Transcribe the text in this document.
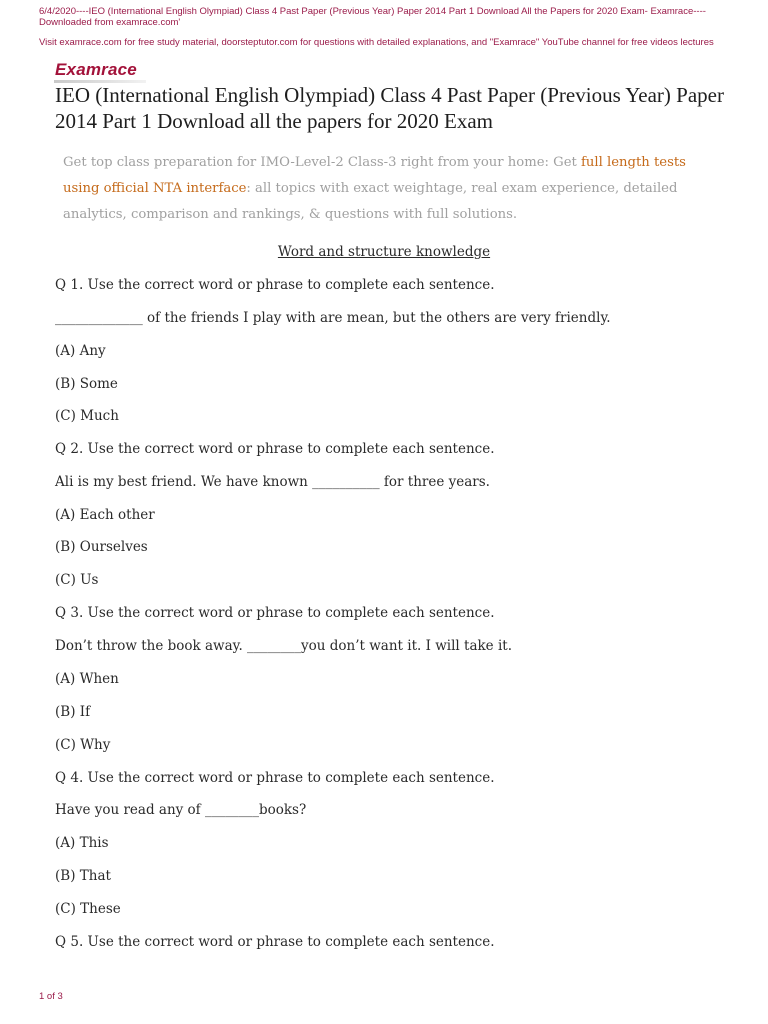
6/4/2020----IEO (International English Olympiad) Class 4 Past Paper (Previous Year) Paper 2014 Part 1 Download All the Papers for 2020 Exam- Examrace----Downloaded from examrace.com'
Visit examrace.com for free study material, doorsteptutor.com for questions with detailed explanations, and "Examrace" YouTube channel for free videos lectures
Examrace
IEO (International English Olympiad) Class 4 Past Paper (Previous Year) Paper 2014 Part 1 Download all the papers for 2020 Exam
Get top class preparation for IMO-Level-2 Class-3 right from your home: Get full length tests using official NTA interface: all topics with exact weightage, real exam experience, detailed analytics, comparison and rankings, & questions with full solutions.
Word and structure knowledge
Q 1. Use the correct word or phrase to complete each sentence.
_____________ of the friends I play with are mean, but the others are very friendly.
(A) Any
(B) Some
(C) Much
Q 2. Use the correct word or phrase to complete each sentence.
Ali is my best friend. We have known __________ for three years.
(A) Each other
(B) Ourselves
(C) Us
Q 3. Use the correct word or phrase to complete each sentence.
Don’t throw the book away. ________you don’t want it. I will take it.
(A) When
(B) If
(C) Why
Q 4. Use the correct word or phrase to complete each sentence.
Have you read any of ________books?
(A) This
(B) That
(C) These
Q 5. Use the correct word or phrase to complete each sentence.
1 of 3
